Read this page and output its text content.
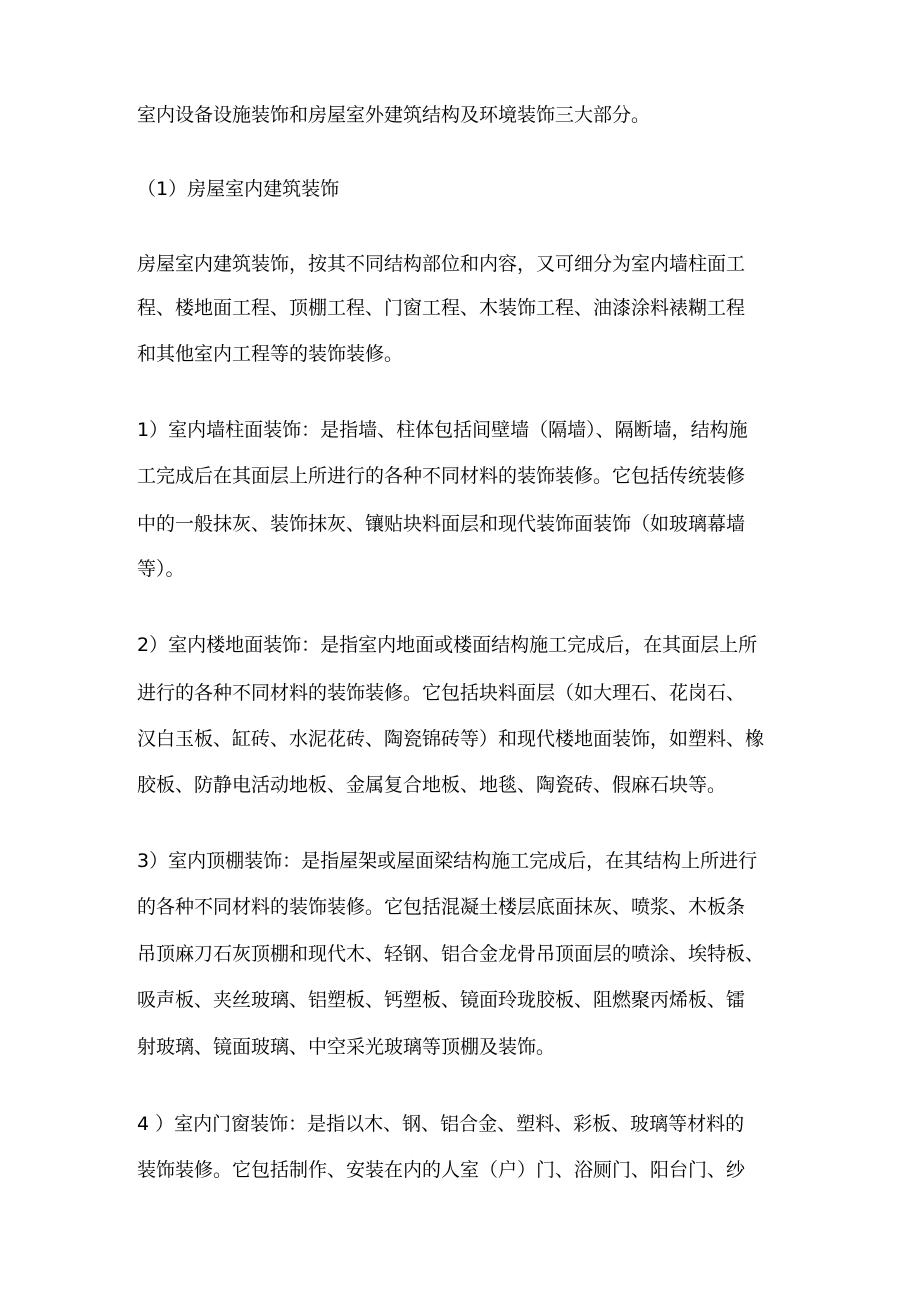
室内设备设施装饰和房屋室外建筑结构及环境装饰三大部分。

（1）房屋室内建筑装饰

房屋室内建筑装饰，按其不同结构部位和内容，又可细分为室内墙柱面工

程、楼地面工程、顶棚工程、门窗工程、木装饰工程、油漆涂料裱糊工程

和其他室内工程等的装饰装修。

1）室内墙柱面装饰：是指墙、柱体包括间壁墙（隔墙）、隔断墙，结构施

工完成后在其面层上所进行的各种不同材料的装饰装修。它包括传统装修

中的一般抹灰、装饰抹灰、镶贴块料面层和现代装饰面装饰（如玻璃幕墙

等）。

2）室内楼地面装饰：是指室内地面或楼面结构施工完成后，在其面层上所

进行的各种不同材料的装饰装修。它包括块料面层（如大理石、花岗石、

汉白玉板、缸砖、水泥花砖、陶瓷锦砖等）和现代楼地面装饰，如塑料、橡

胶板、防静电活动地板、金属复合地板、地毯、陶瓷砖、假麻石块等。

3）室内顶棚装饰：是指屋架或屋面梁结构施工完成后，在其结构上所进行

的各种不同材料的装饰装修。它包括混凝土楼层底面抹灰、喷浆、木板条

吊顶麻刀石灰顶棚和现代木、轻钢、铝合金龙骨吊顶面层的喷涂、埃特板、

吸声板、夹丝玻璃、铝塑板、钙塑板、镜面玲珑胶板、阻燃聚丙烯板、镭

射玻璃、镜面玻璃、中空采光玻璃等顶棚及装饰。

4 ）室内门窗装饰：是指以木、钢、铝合金、塑料、彩板、玻璃等材料的

装饰装修。它包括制作、安装在内的人室（户）门、浴厕门、阳台门、纱
